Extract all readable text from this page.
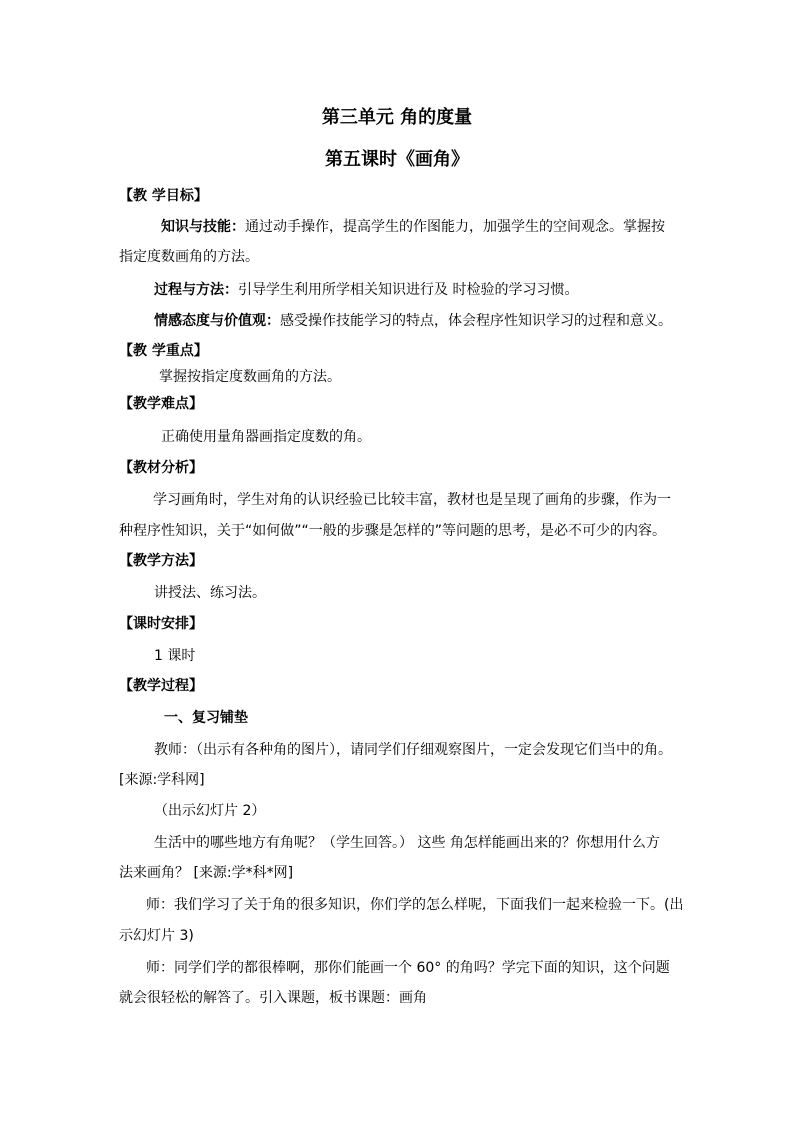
第三单元 角的度量
第五课时《画角》
【教 学目标】
知识与技能：通过动手操作，提高学生的作图能力，加强学生的空间观念。掌握按
指定度数画角的方法。
过程与方法：引导学生利用所学相关知识进行及 时检验的学习习惯。
情感态度与价值观：感受操作技能学习的特点，体会程序性知识学习的过程和意义。
【教 学重点】
掌握按指定度数画角的方法。
【教学难点】
正确使用量角器画指定度数的角。
【教材分析】
学习画角时，学生对角的认识经验已比较丰富，教材也是呈现了画角的步骤，作为一
种程序性知识，关于“如何做”“一般的步骤是怎样的”等问题的思考，是必不可少的内容。
【教学方法】
讲授法、练习法。
【课时安排】
1 课时
【教学过程】
一、复习铺垫
教师：（出示有各种角的图片），请同学们仔细观察图片，一定会发现它们当中的角。
[来源:学科网]
（出示幻灯片 2）
生活中的哪些地方有角呢？（学生回答。） 这些 角怎样能画出来的？你想用什么方
法来画角？ [来源:学*科*网]
师：我们学习了关于角的很多知识，你们学的怎么样呢，下面我们一起来检验一下。(出
示幻灯片 3)
师：同学们学的都很棒啊，那你们能画一个 60° 的角吗？学完下面的知识，这个问题
就会很轻松的解答了。引入课题，板书课题：画角
